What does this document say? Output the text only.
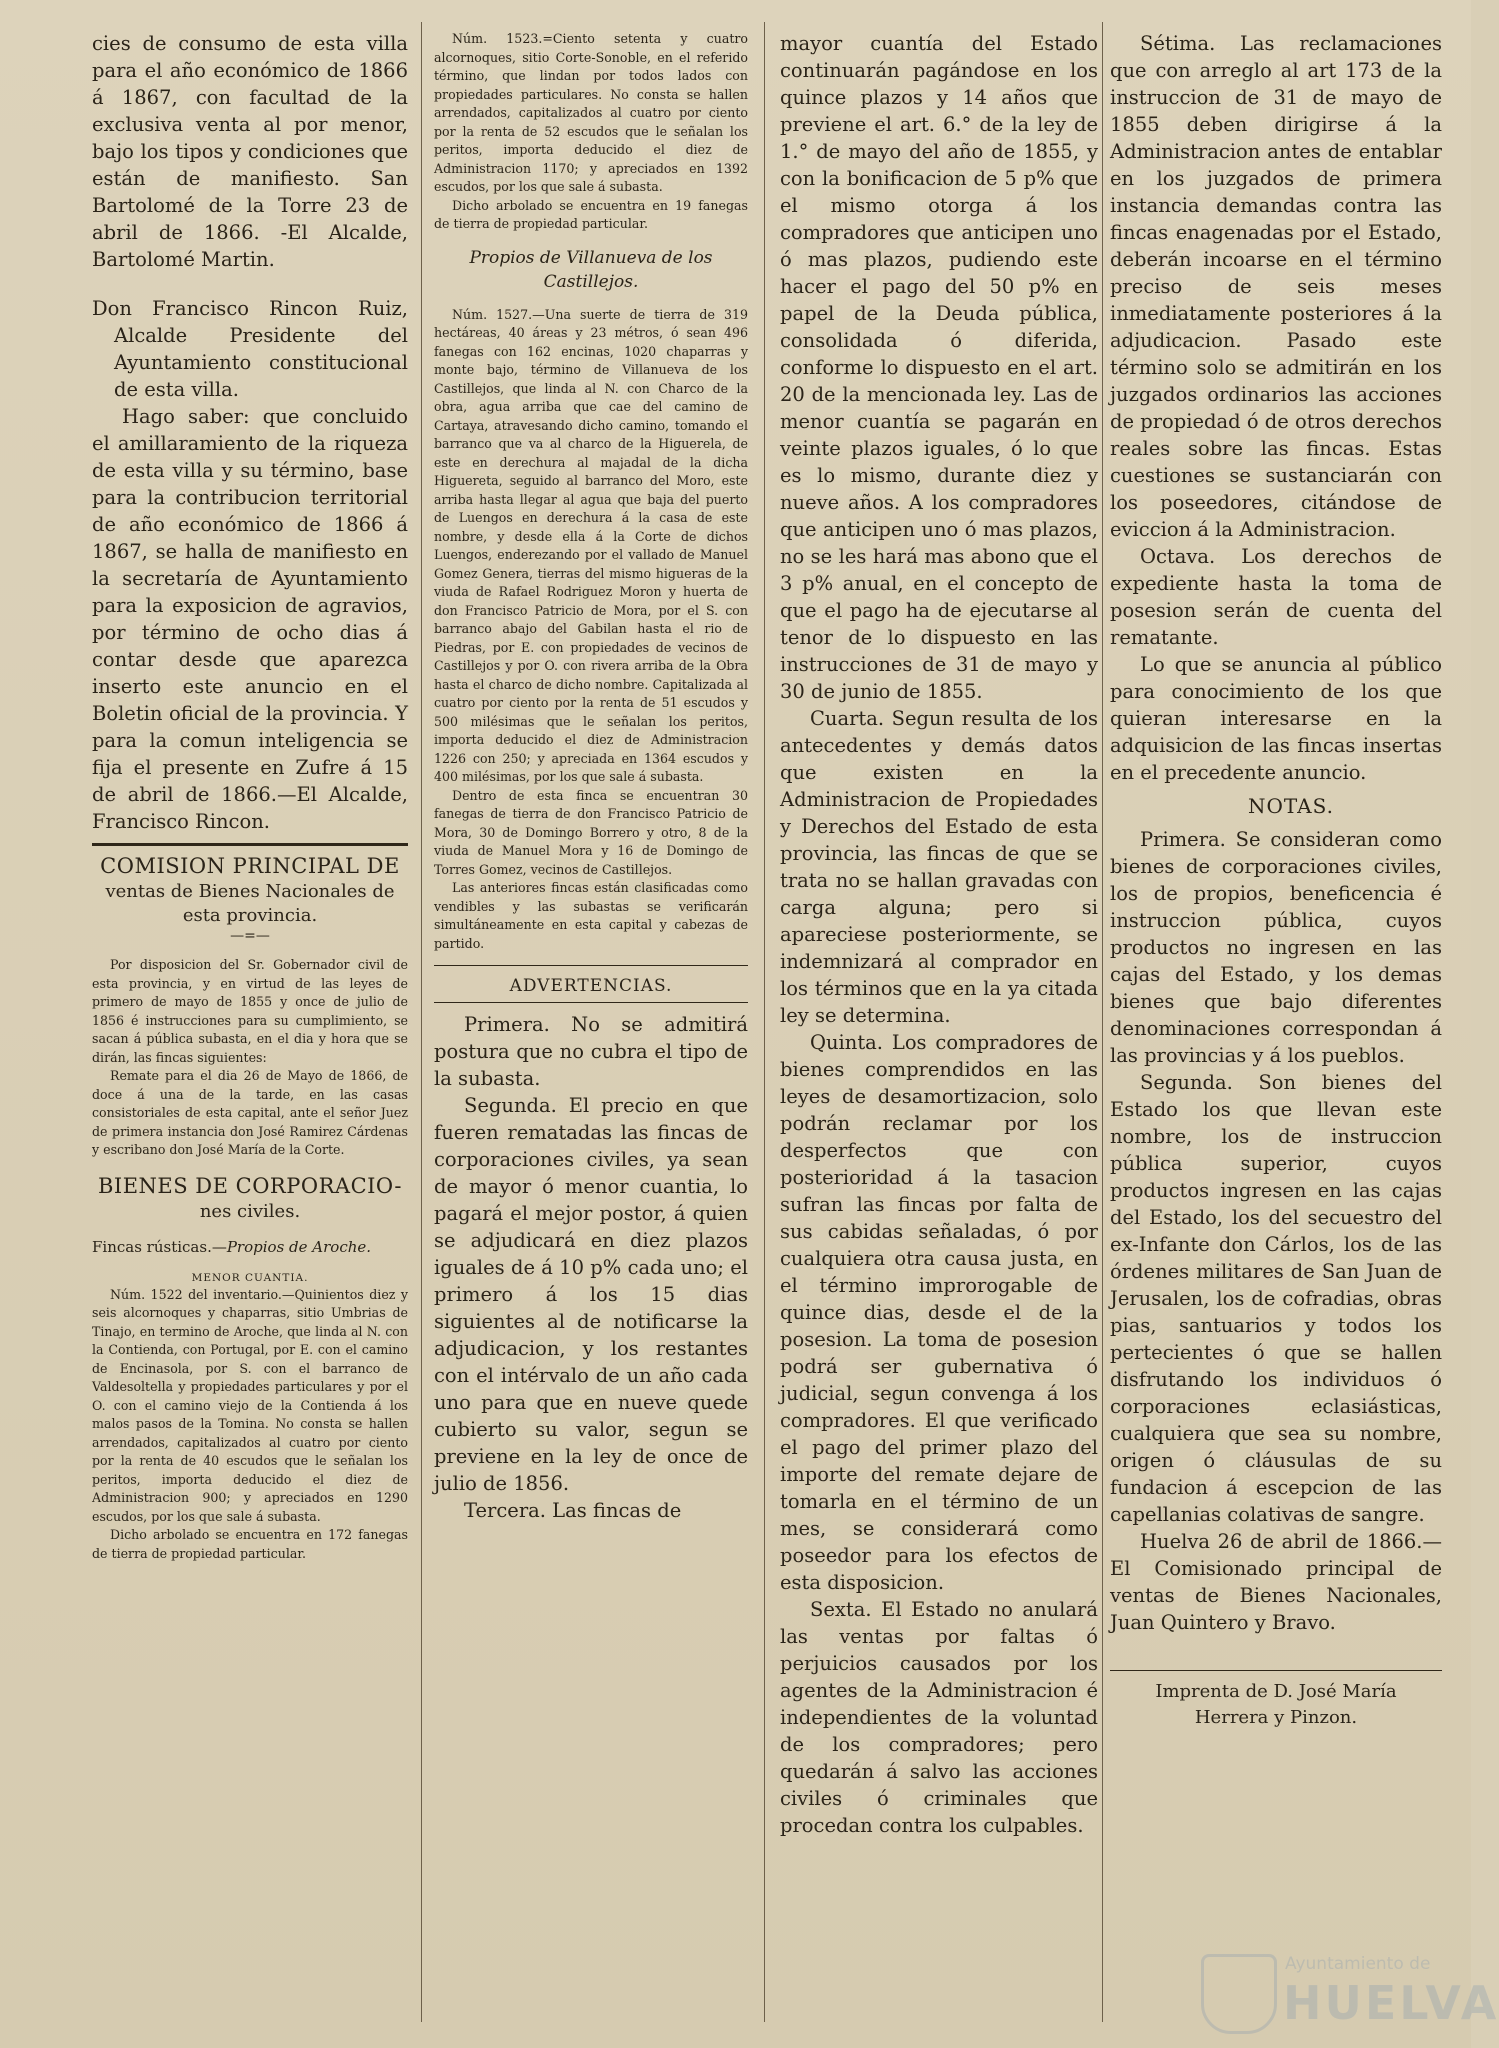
cies de consumo de esta villa para el año económico de 1866 á 1867, con facultad de la exclusiva venta al por menor, bajo los tipos y condiciones que están de manifiesto. San Bartolomé de la Torre 23 de abril de 1866. -El Alcalde, Bartolomé Martin.

Don Francisco Rincon Ruiz, Alcalde Presidente del Ayuntamiento constitucional de esta villa.

Hago saber: que concluido el amillaramiento de la riqueza de esta villa y su término, base para la contribucion territorial de año económico de 1866 á 1867, se halla de manifiesto en la secretaría de Ayuntamiento para la exposicion de agravios, por término de ocho dias á contar desde que aparezca inserto este anuncio en el Boletin oficial de la provincia. Y para la comun inteligencia se fija el presente en Zufre á 15 de abril de 1866.—El Alcalde, Francisco Rincon.

COMISION PRINCIPAL DE

ventas de Bienes Nacionales de esta provincia.

—=—

Por disposicion del Sr. Gobernador civil de esta provincia, y en virtud de las leyes de primero de mayo de 1855 y once de julio de 1856 é instrucciones para su cumplimiento, se sacan á pública subasta, en el dia y hora que se dirán, las fincas siguientes:

Remate para el dia 26 de Mayo de 1866, de doce á una de la tarde, en las casas consistoriales de esta capital, ante el señor Juez de primera instancia don José Ramirez Cárdenas y escribano don José María de la Corte.

BIENES DE CORPORACIO-

nes civiles.

Fincas rústicas.—Propios de Aroche.

MENOR CUANTIA.

Núm. 1522 del inventario.—Quinientos diez y seis alcornoques y chaparras, sitio Umbrias de Tinajo, en termino de Aroche, que linda al N. con la Contienda, con Portugal, por E. con el camino de Encinasola, por S. con el barranco de Valdesoltella y propiedades particulares y por el O. con el camino viejo de la Contienda á los malos pasos de la Tomina. No consta se hallen arrendados, capitalizados al cuatro por ciento por la renta de 40 escudos que le señalan los peritos, importa deducido el diez de Administracion 900; y apreciados en 1290 escudos, por los que sale á subasta.

Dicho arbolado se encuentra en 172 fanegas de tierra de propiedad particular.

Núm. 1523.=Ciento setenta y cuatro alcornoques, sitio Corte-Sonoble, en el referido término, que lindan por todos lados con propiedades particulares. No consta se hallen arrendados, capitalizados al cuatro por ciento por la renta de 52 escudos que le señalan los peritos, importa deducido el diez de Administracion 1170; y apreciados en 1392 escudos, por los que sale á subasta.

Dicho arbolado se encuentra en 19 fanegas de tierra de propiedad particular.

Propios de Villanueva de los Castillejos.

Núm. 1527.—Una suerte de tierra de 319 hectáreas, 40 áreas y 23 métros, ó sean 496 fanegas con 162 encinas, 1020 chaparras y monte bajo, término de Villanueva de los Castillejos, que linda al N. con Charco de la obra, agua arriba que cae del camino de Cartaya, atravesando dicho camino, tomando el barranco que va al charco de la Higuerela, de este en derechura al majadal de la dicha Higuereta, seguido al barranco del Moro, este arriba hasta llegar al agua que baja del puerto de Luengos en derechura á la casa de este nombre, y desde ella á la Corte de dichos Luengos, enderezando por el vallado de Manuel Gomez Genera, tierras del mismo higueras de la viuda de Rafael Rodriguez Moron y huerta de don Francisco Patricio de Mora, por el S. con barranco abajo del Gabilan hasta el rio de Piedras, por E. con propiedades de vecinos de Castillejos y por O. con rivera arriba de la Obra hasta el charco de dicho nombre. Capitalizada al cuatro por ciento por la renta de 51 escudos y 500 milésimas que le señalan los peritos, importa deducido el diez de Administracion 1226 con 250; y apreciada en 1364 escudos y 400 milésimas, por los que sale á subasta.

Dentro de esta finca se encuentran 30 fanegas de tierra de don Francisco Patricio de Mora, 30 de Domingo Borrero y otro, 8 de la viuda de Manuel Mora y 16 de Domingo de Torres Gomez, vecinos de Castillejos.

Las anteriores fincas están clasificadas como vendibles y las subastas se verificarán simultáneamente en esta capital y cabezas de partido.

ADVERTENCIAS.

Primera. No se admitirá postura que no cubra el tipo de la subasta.

Segunda. El precio en que fueren rematadas las fincas de corporaciones civiles, ya sean de mayor ó menor cuantia, lo pagará el mejor postor, á quien se adjudicará en diez plazos iguales de á 10 p% cada uno; el primero á los 15 dias siguientes al de notificarse la adjudicacion, y los restantes con el intérvalo de un año cada uno para que en nueve quede cubierto su valor, segun se previene en la ley de once de julio de 1856.

Tercera. Las fincas de

mayor cuantía del Estado continuarán pagándose en los quince plazos y 14 años que previene el art. 6.° de la ley de 1.° de mayo del año de 1855, y con la bonificacion de 5 p% que el mismo otorga á los compradores que anticipen uno ó mas plazos, pudiendo este hacer el pago del 50 p% en papel de la Deuda pública, consolidada ó diferida, conforme lo dispuesto en el art. 20 de la mencionada ley. Las de menor cuantía se pagarán en veinte plazos iguales, ó lo que es lo mismo, durante diez y nueve años. A los compradores que anticipen uno ó mas plazos, no se les hará mas abono que el 3 p% anual, en el concepto de que el pago ha de ejecutarse al tenor de lo dispuesto en las instrucciones de 31 de mayo y 30 de junio de 1855.

Cuarta. Segun resulta de los antecedentes y demás datos que existen en la Administracion de Propiedades y Derechos del Estado de esta provincia, las fincas de que se trata no se hallan gravadas con carga alguna; pero si apareciese posteriormente, se indemnizará al comprador en los términos que en la ya citada ley se determina.

Quinta. Los compradores de bienes comprendidos en las leyes de desamortizacion, solo podrán reclamar por los desperfectos que con posterioridad á la tasacion sufran las fincas por falta de sus cabidas señaladas, ó por cualquiera otra causa justa, en el término improrogable de quince dias, desde el de la posesion. La toma de posesion podrá ser gubernativa ó judicial, segun convenga á los compradores. El que verificado el pago del primer plazo del importe del remate dejare de tomarla en el término de un mes, se considerará como poseedor para los efectos de esta disposicion.

Sexta. El Estado no anulará las ventas por faltas ó perjuicios causados por los agentes de la Administracion é independientes de la voluntad de los compradores; pero quedarán á salvo las acciones civiles ó criminales que procedan contra los culpables.

Sétima. Las reclamaciones que con arreglo al art 173 de la instruccion de 31 de mayo de 1855 deben dirigirse á la Administracion antes de entablar en los juzgados de primera instancia demandas contra las fincas enagenadas por el Estado, deberán incoarse en el término preciso de seis meses inmediatamente posteriores á la adjudicacion. Pasado este término solo se admitirán en los juzgados ordinarios las acciones de propiedad ó de otros derechos reales sobre las fincas. Estas cuestiones se sustanciarán con los poseedores, citándose de eviccion á la Administracion.

Octava. Los derechos de expediente hasta la toma de posesion serán de cuenta del rematante.

Lo que se anuncia al público para conocimiento de los que quieran interesarse en la adquisicion de las fincas insertas en el precedente anuncio.

NOTAS.

Primera. Se consideran como bienes de corporaciones civiles, los de propios, beneficencia é instruccion pública, cuyos productos no ingresen en las cajas del Estado, y los demas bienes que bajo diferentes denominaciones correspondan á las provincias y á los pueblos.

Segunda. Son bienes del Estado los que llevan este nombre, los de instruccion pública superior, cuyos productos ingresen en las cajas del Estado, los del secuestro del ex-Infante don Cárlos, los de las órdenes militares de San Juan de Jerusalen, los de cofradias, obras pias, santuarios y todos los pertecientes ó que se hallen disfrutando los individuos ó corporaciones eclasiásticas, cualquiera que sea su nombre, origen ó cláusulas de su fundacion á escepcion de las capellanias colativas de sangre.

Huelva 26 de abril de 1866.—El Comisionado principal de ventas de Bienes Nacionales, Juan Quintero y Bravo.

Imprenta de D. José María

Herrera y Pinzon.

Ayuntamiento de
HUELVA
